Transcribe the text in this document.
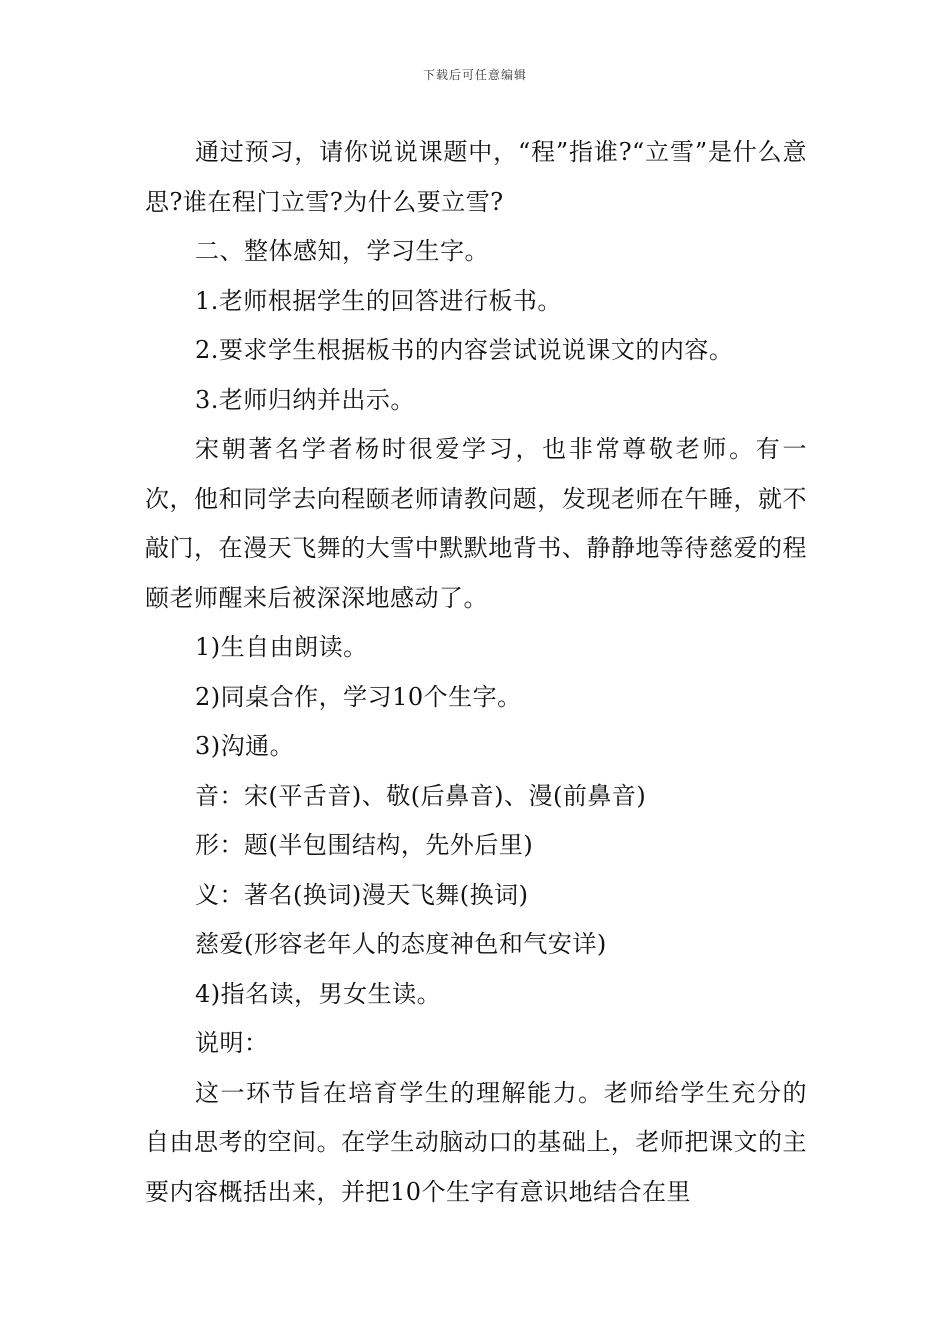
下载后可任意编辑

通过预习，请你说说课题中，“程”指谁?“立雪”是什么意思?谁在程门立雪?为什么要立雪?

二、整体感知，学习生字。

1.老师根据学生的回答进行板书。

2.要求学生根据板书的内容尝试说说课文的内容。

3.老师归纳并出示。

宋朝著名学者杨时很爱学习，也非常尊敬老师。有一次，他和同学去向程颐老师请教问题，发现老师在午睡，就不敲门，在漫天飞舞的大雪中默默地背书、静静地等待慈爱的程颐老师醒来后被深深地感动了。

1)生自由朗读。

2)同桌合作，学习10个生字。

3)沟通。

音：宋(平舌音)、敬(后鼻音)、漫(前鼻音)

形：题(半包围结构，先外后里)

义：著名(换词)漫天飞舞(换词)

慈爱(形容老年人的态度神色和气安详)

4)指名读，男女生读。

说明：

这一环节旨在培育学生的理解能力。老师给学生充分的自由思考的空间。在学生动脑动口的基础上，老师把课文的主要内容概括出来，并把10个生字有意识地结合在里
